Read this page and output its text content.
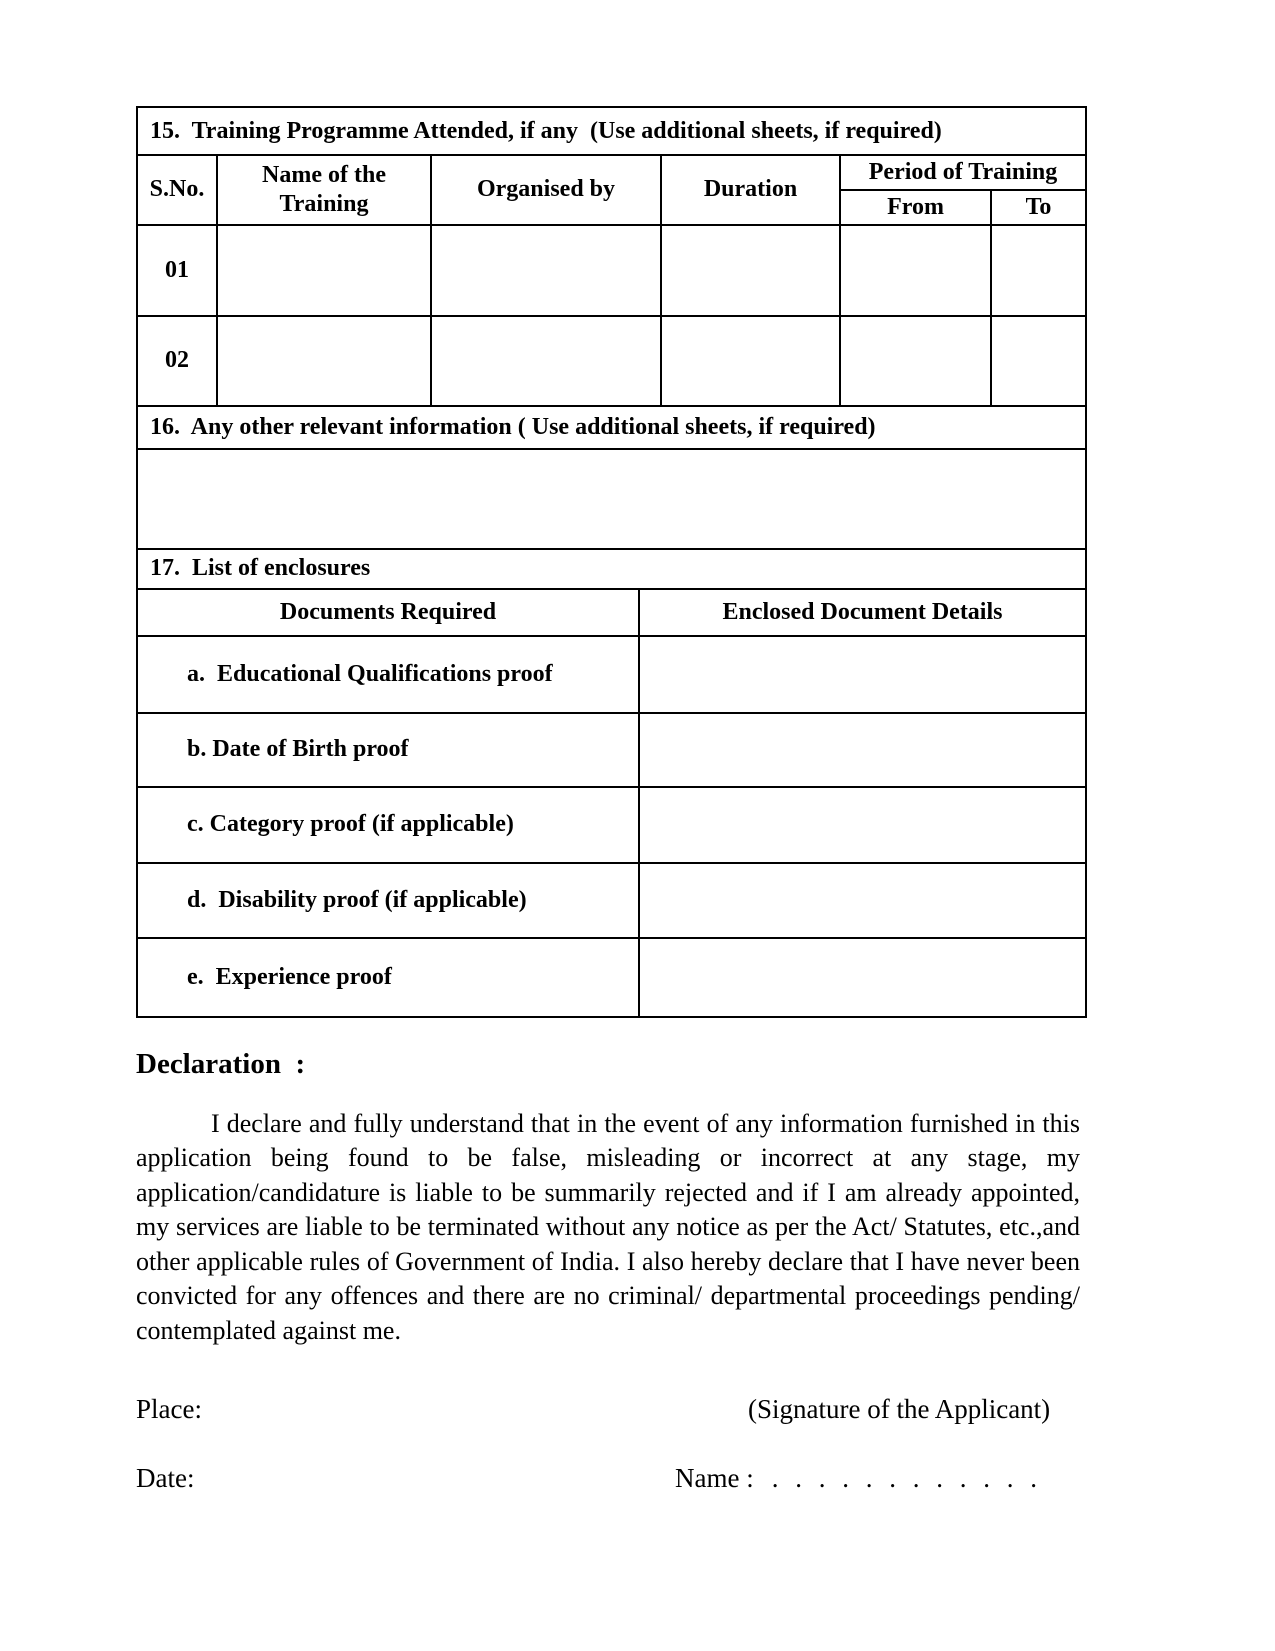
15.  Training Programme Attended, if any  (Use additional sheets, if required)					
S.No.	Name of the Training	Organised by	Duration	Period of Training	
				From	To
01					
02					
16.  Any other relevant information ( Use additional sheets, if required)

17.  List of enclosures	
Documents Required	Enclosed Document Details
a.  Educational Qualifications proof	
b. Date of Birth proof	
c. Category proof (if applicable)	
d.  Disability proof (if applicable)	
e.  Experience proof	
Declaration  :

I declare and fully understand that in the event of any information furnished in this application being found to be false, misleading or incorrect at any stage, my application/candidature is liable to be summarily rejected and if I am already appointed, my services are liable to be terminated without any notice as per the Act/ Statutes, etc.,and other applicable rules of Government of India. I also hereby declare that I have never been convicted for any offences and there are no criminal/ departmental proceedings pending/ contemplated against me.

Place:	(Signature of the Applicant)
Date:	Name : . . . . . . . . . . . .
